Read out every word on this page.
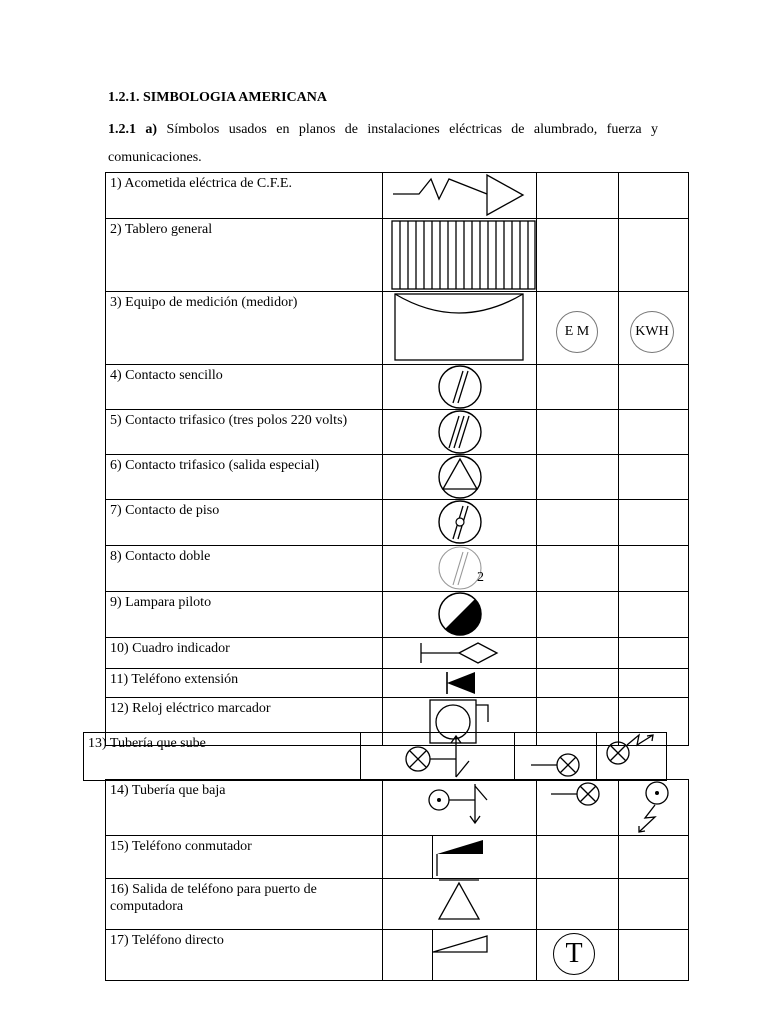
1.2.1. SIMBOLOGIA AMERICANA
1.2.1 a) Símbolos usados en planos de instalaciones eléctricas de alumbrado, fuerza y comunicaciones.
1) Acometida eléctrica de C.F.E.	

2) Tablero general	

3) Equipo de medición (medidor)		E M	KWH

4) Contacto sencillo	

5) Contacto trifasico (tres polos 220 volts)	

6) Contacto trifasico (salida especial)	

7) Contacto de piso	

8) Contacto doble	2		

9) Lampara piloto	

10) Cuadro indicador	

11) Teléfono extensión	

12) Reloj eléctrico marcador	

13) Tubería que sube	

14) Tubería que baja	

15) Teléfono conmutador		

16) Salida de teléfono para puerto de computadora	

17) Teléfono directo			T	
